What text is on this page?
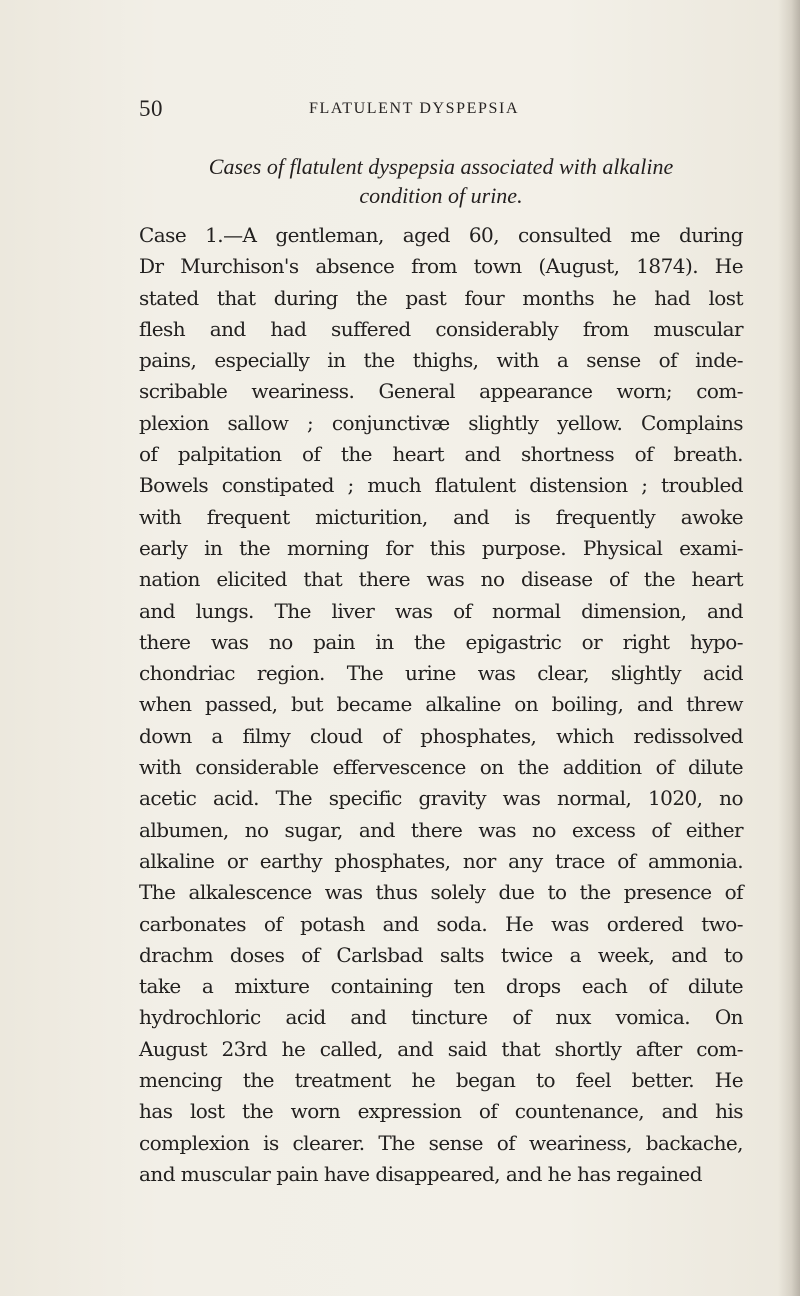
50	FLATULENT DYSPEPSIA
Cases of flatulent dyspepsia associated with alkaline
condition of urine.
Case 1.—A gentleman, aged 60, consulted me during
Dr Murchison's absence from town (August, 1874). He
stated that during the past four months he had lost
flesh and had suffered considerably from muscular
pains, especially in the thighs, with a sense of inde-
scribable weariness. General appearance worn; com-
plexion sallow ; conjunctivæ slightly yellow. Complains
of palpitation of the heart and shortness of breath.
Bowels constipated ; much flatulent distension ; troubled
with frequent micturition, and is frequently awoke
early in the morning for this purpose. Physical exami-
nation elicited that there was no disease of the heart
and lungs. The liver was of normal dimension, and
there was no pain in the epigastric or right hypo-
chondriac region. The urine was clear, slightly acid
when passed, but became alkaline on boiling, and threw
down a filmy cloud of phosphates, which redissolved
with considerable effervescence on the addition of dilute
acetic acid. The specific gravity was normal, 1020, no
albumen, no sugar, and there was no excess of either
alkaline or earthy phosphates, nor any trace of ammonia.
The alkalescence was thus solely due to the presence of
carbonates of potash and soda. He was ordered two-
drachm doses of Carlsbad salts twice a week, and to
take a mixture containing ten drops each of dilute
hydrochloric acid and tincture of nux vomica. On
August 23rd he called, and said that shortly after com-
mencing the treatment he began to feel better. He
has lost the worn expression of countenance, and his
complexion is clearer. The sense of weariness, backache,
and muscular pain have disappeared, and he has regained
